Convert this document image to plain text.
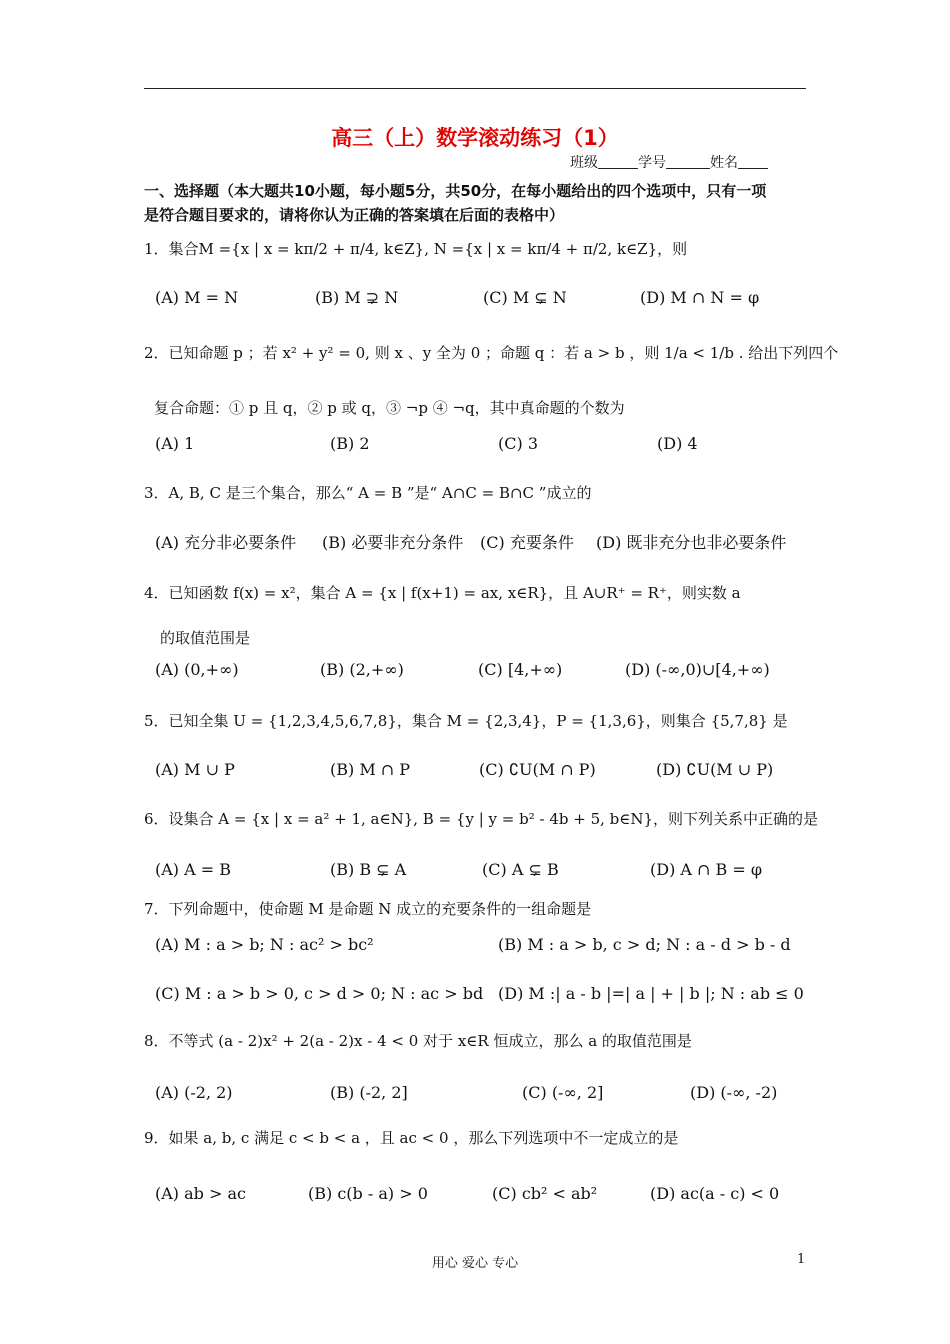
高三（上）数学滚动练习（1）
班级	学号	姓名
一、选择题（本大题共10小题，每小题5分，共50分，在每小题给出的四个选项中，只有一项
是符合题目要求的，请将你认为正确的答案填在后面的表格中）
1．集合M ={x | x = kπ/2 + π/4, k∈Z}, N ={x | x = kπ/4 + π/2, k∈Z}，则
(A) M = N	(B) M ⊋ N	(C) M ⊊ N	(D) M ∩ N = φ
2．已知命题 p ；若 x² + y² = 0, 则 x 、y 全为 0 ；命题 q ：若 a > b ，则 1/a < 1/b . 给出下列四个
复合命题：① p 且 q，② p 或 q，③ ¬p ④ ¬q，其中真命题的个数为
(A) 1	(B) 2	(C) 3	(D) 4
3．A, B, C 是三个集合，那么“ A = B ”是“ A∩C = B∩C ”成立的
(A) 充分非必要条件 (B) 必要非充分条件 (C) 充要条件 (D) 既非充分也非必要条件
4．已知函数 f(x) = x²，集合 A = {x | f(x+1) = ax, x∈R}，且 A∪R⁺ = R⁺，则实数 a
的取值范围是
(A) (0,+∞)	(B) (2,+∞)	(C) [4,+∞)	(D) (-∞,0)∪[4,+∞)
5．已知全集 U = {1,2,3,4,5,6,7,8}，集合 M = {2,3,4}，P = {1,3,6}，则集合 {5,7,8} 是
(A) M ∪ P	(B) M ∩ P	(C) ∁U(M ∩ P)	(D) ∁U(M ∪ P)
6．设集合 A = {x | x = a² + 1, a∈N}, B = {y | y = b² - 4b + 5, b∈N}，则下列关系中正确的是
(A) A = B	(B) B ⊊ A	(C) A ⊊ B	(D) A ∩ B = φ
7．下列命题中，使命题 M 是命题 N 成立的充要条件的一组命题是
(A) M : a > b; N : ac² > bc²	(B) M : a > b, c > d; N : a - d > b - d
(C) M : a > b > 0, c > d > 0; N : ac > bd (D) M :| a - b |=| a | + | b |; N : ab ≤ 0
8．不等式 (a - 2)x² + 2(a - 2)x - 4 < 0 对于 x∈R 恒成立，那么 a 的取值范围是
(A) (-2, 2)	(B) (-2, 2]	(C) (-∞, 2]	(D) (-∞, -2)
9．如果 a, b, c 满足 c < b < a ，且 ac < 0 ，那么下列选项中不一定成立的是
(A) ab > ac	(B) c(b - a) > 0	(C) cb² < ab²	(D) ac(a - c) < 0
用心 爱心 专心	1
